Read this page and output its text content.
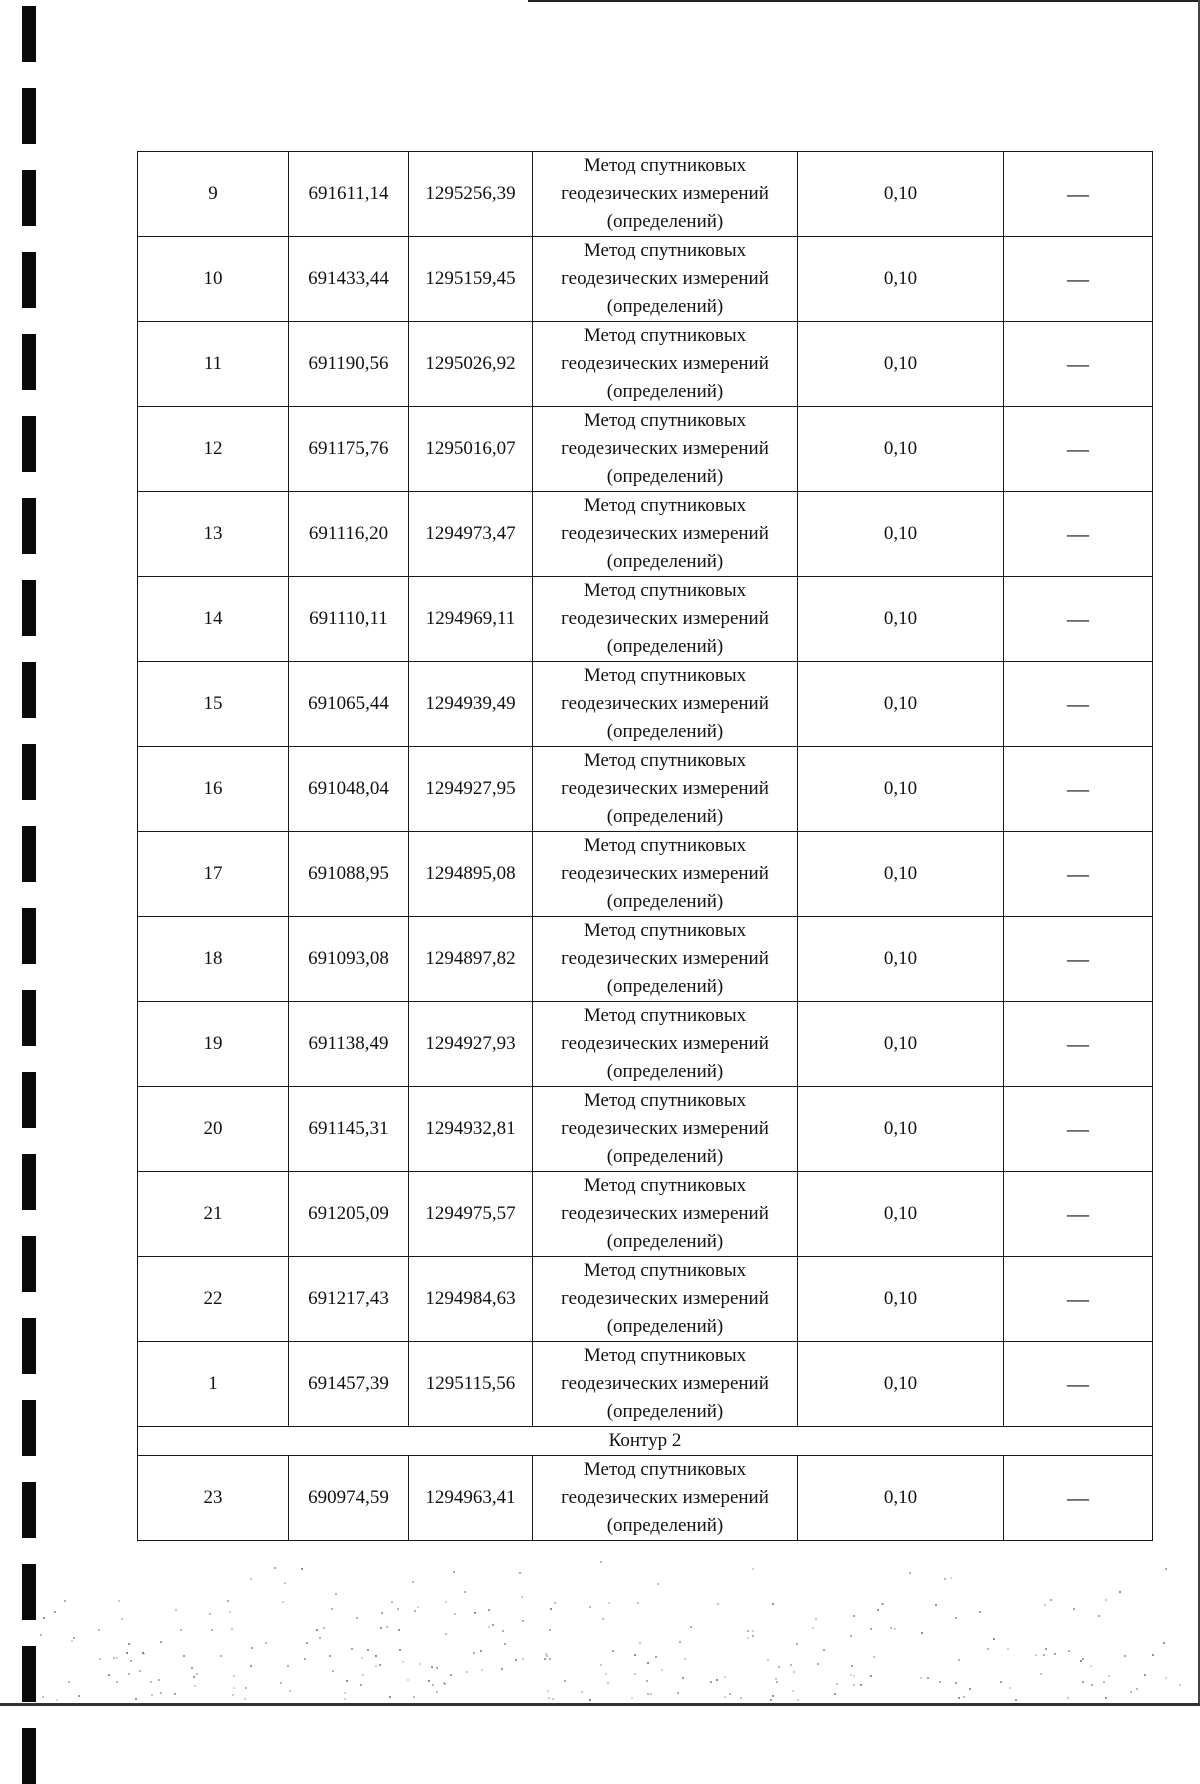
9	691611,14	1295256,39	Метод спутниковых
геодезических измерений
(определений)	0,10	—
10	691433,44	1295159,45	Метод спутниковых
геодезических измерений
(определений)	0,10	—
11	691190,56	1295026,92	Метод спутниковых
геодезических измерений
(определений)	0,10	—
12	691175,76	1295016,07	Метод спутниковых
геодезических измерений
(определений)	0,10	—
13	691116,20	1294973,47	Метод спутниковых
геодезических измерений
(определений)	0,10	—
14	691110,11	1294969,11	Метод спутниковых
геодезических измерений
(определений)	0,10	—
15	691065,44	1294939,49	Метод спутниковых
геодезических измерений
(определений)	0,10	—
16	691048,04	1294927,95	Метод спутниковых
геодезических измерений
(определений)	0,10	—
17	691088,95	1294895,08	Метод спутниковых
геодезических измерений
(определений)	0,10	—
18	691093,08	1294897,82	Метод спутниковых
геодезических измерений
(определений)	0,10	—
19	691138,49	1294927,93	Метод спутниковых
геодезических измерений
(определений)	0,10	—
20	691145,31	1294932,81	Метод спутниковых
геодезических измерений
(определений)	0,10	—
21	691205,09	1294975,57	Метод спутниковых
геодезических измерений
(определений)	0,10	—
22	691217,43	1294984,63	Метод спутниковых
геодезических измерений
(определений)	0,10	—
1	691457,39	1295115,56	Метод спутниковых
геодезических измерений
(определений)	0,10	—
Контур 2					
23	690974,59	1294963,41	Метод спутниковых
геодезических измерений
(определений)	0,10	—
